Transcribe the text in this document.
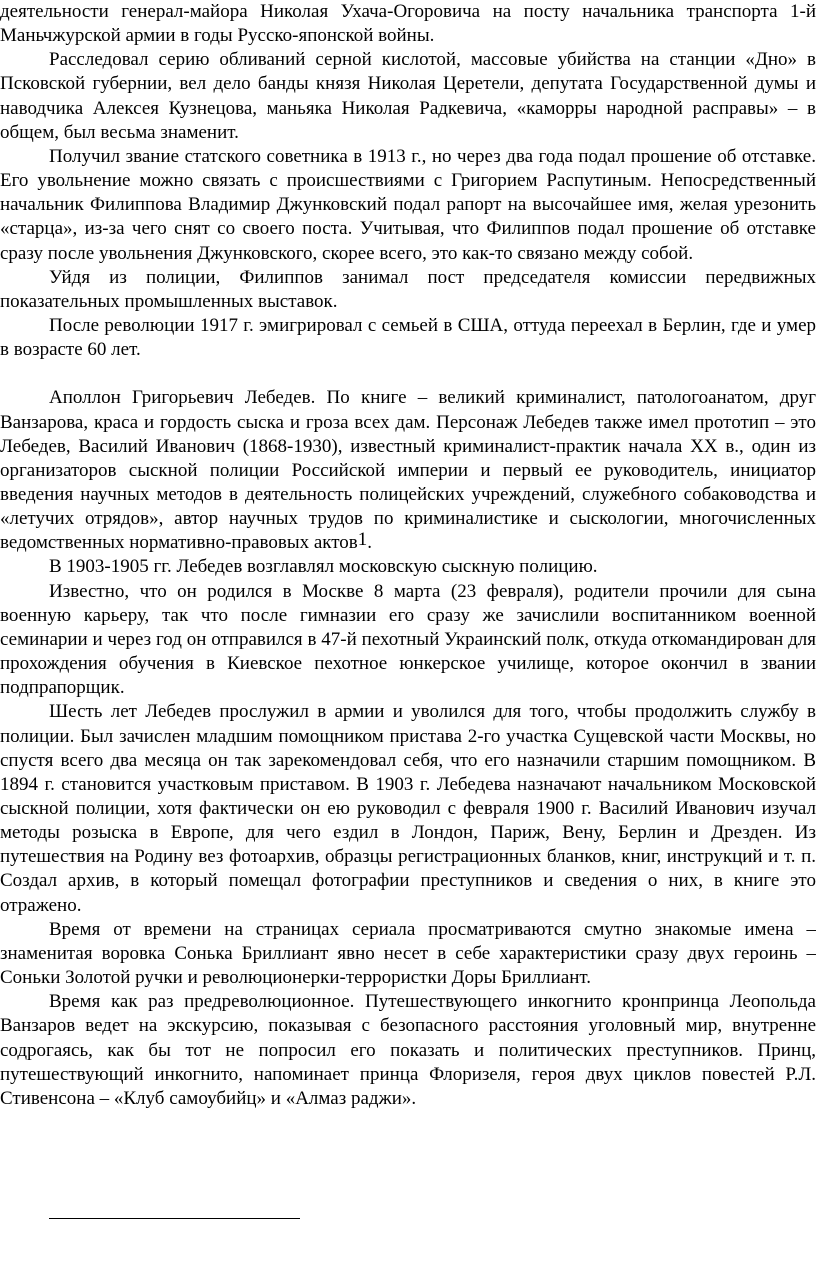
деятельности генерал-майора Николая Ухача-Огоровича на посту начальника транспорта 1-й Маньчжурской армии в годы Русско-японской войны.

Расследовал серию обливаний серной кислотой, массовые убийства на станции «Дно» в Псковской губернии, вел дело банды князя Николая Церетели, депутата Государственной думы и наводчика Алексея Кузнецова, маньяка Николая Радкевича, «каморры народной расправы» – в общем, был весьма знаменит.

Получил звание статского советника в 1913 г., но через два года подал прошение об отставке. Его увольнение можно связать с происшествиями с Григорием Распутиным. Непосредственный начальник Филиппова Владимир Джунковский подал рапорт на высочайшее имя, желая урезонить «старца», из-за чего снят со своего поста. Учитывая, что Филиппов подал прошение об отставке сразу после увольнения Джунковского, скорее всего, это как-то связано между собой.

Уйдя из полиции, Филиппов занимал пост председателя комиссии передвижных показательных промышленных выставок.

После революции 1917 г. эмигрировал с семьей в США, оттуда переехал в Берлин, где и умер в возрасте 60 лет.

Аполлон Григорьевич Лебедев. По книге – великий криминалист, патологоанатом, друг Ванзарова, краса и гордость сыска и гроза всех дам. Персонаж Лебедев также имел прототип – это Лебедев, Василий Иванович (1868-1930), известный криминалист-практик начала XX в., один из организаторов сыскной полиции Российской империи и первый ее руководитель, инициатор введения научных методов в деятельность полицейских учреждений, служебного собаководства и «летучих отрядов», автор научных трудов по криминалистике и сыскологии, многочисленных ведомственных нормативно-правовых актов1.

В 1903-1905 гг. Лебедев возглавлял московскую сыскную полицию.

Известно, что он родился в Москве 8 марта (23 февраля), родители прочили для сына военную карьеру, так что после гимназии его сразу же зачислили воспитанником военной семинарии и через год он отправился в 47-й пехотный Украинский полк, откуда откомандирован для прохождения обучения в Киевское пехотное юнкерское училище, которое окончил в звании подпрапорщик.

Шесть лет Лебедев прослужил в армии и уволился для того, чтобы продолжить службу в полиции. Был зачислен младшим помощником пристава 2-го участка Сущевской части Москвы, но спустя всего два месяца он так зарекомендовал себя, что его назначили старшим помощником. В 1894 г. становится участковым приставом. В 1903 г. Лебедева назначают начальником Московской сыскной полиции, хотя фактически он ею руководил с февраля 1900 г. Василий Иванович изучал методы розыска в Европе, для чего ездил в Лондон, Париж, Вену, Берлин и Дрезден. Из путешествия на Родину вез фотоархив, образцы регистрационных бланков, книг, инструкций и т. п. Создал архив, в который помещал фотографии преступников и сведения о них, в книге это отражено.

Время от времени на страницах сериала просматриваются смутно знакомые имена – знаменитая воровка Сонька Бриллиант явно несет в себе характеристики сразу двух героинь – Соньки Золотой ручки и революционерки-террористки Доры Бриллиант.

Время как раз предреволюционное. Путешествующего инкогнито кронпринца Леопольда Ванзаров ведет на экскурсию, показывая с безопасного расстояния уголовный мир, внутренне содрогаясь, как бы тот не попросил его показать и политических преступников. Принц, путешествующий инкогнито, напоминает принца Флоризеля, героя двух циклов повестей Р.Л. Стивенсона – «Клуб самоубийц» и «Алмаз раджи».
